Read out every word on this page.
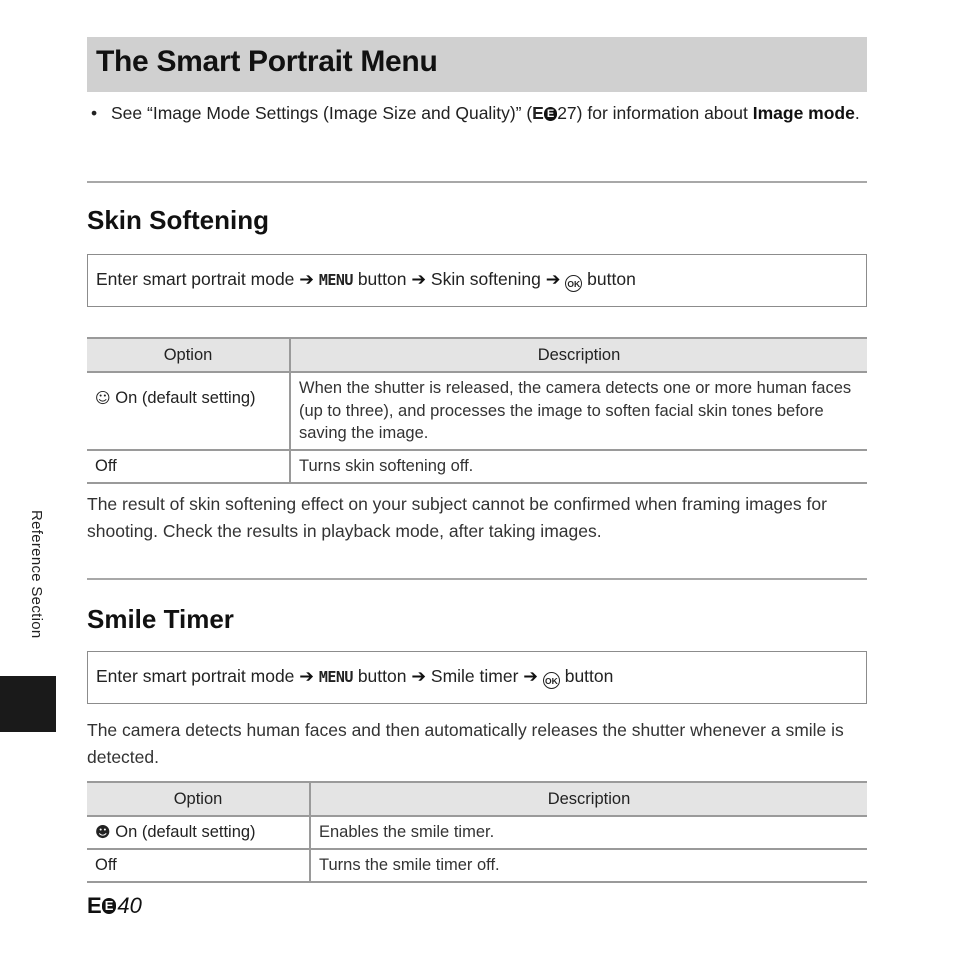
The Smart Portrait Menu
• See “Image Mode Settings (Image Size and Quality)” (E E 27) for information about Image mode.
Skin Softening
Enter smart portrait mode ➔ MENU button ➔ Skin softening ➔ OK button
Option	Description
☺ On (default setting)	When the shutter is released, the camera detects one or more human faces (up to three), and processes the image to soften facial skin tones before saving the image.
Off	Turns skin softening off.
The result of skin softening effect on your subject cannot be confirmed when framing images for shooting. Check the results in playback mode, after taking images.
Smile Timer
Enter smart portrait mode ➔ MENU button ➔ Smile timer ➔ OK button
The camera detects human faces and then automatically releases the shutter whenever a smile is detected.
Option	Description
☻ On (default setting)	Enables the smile timer.
Off	Turns the smile timer off.
Reference Section
E E 40
